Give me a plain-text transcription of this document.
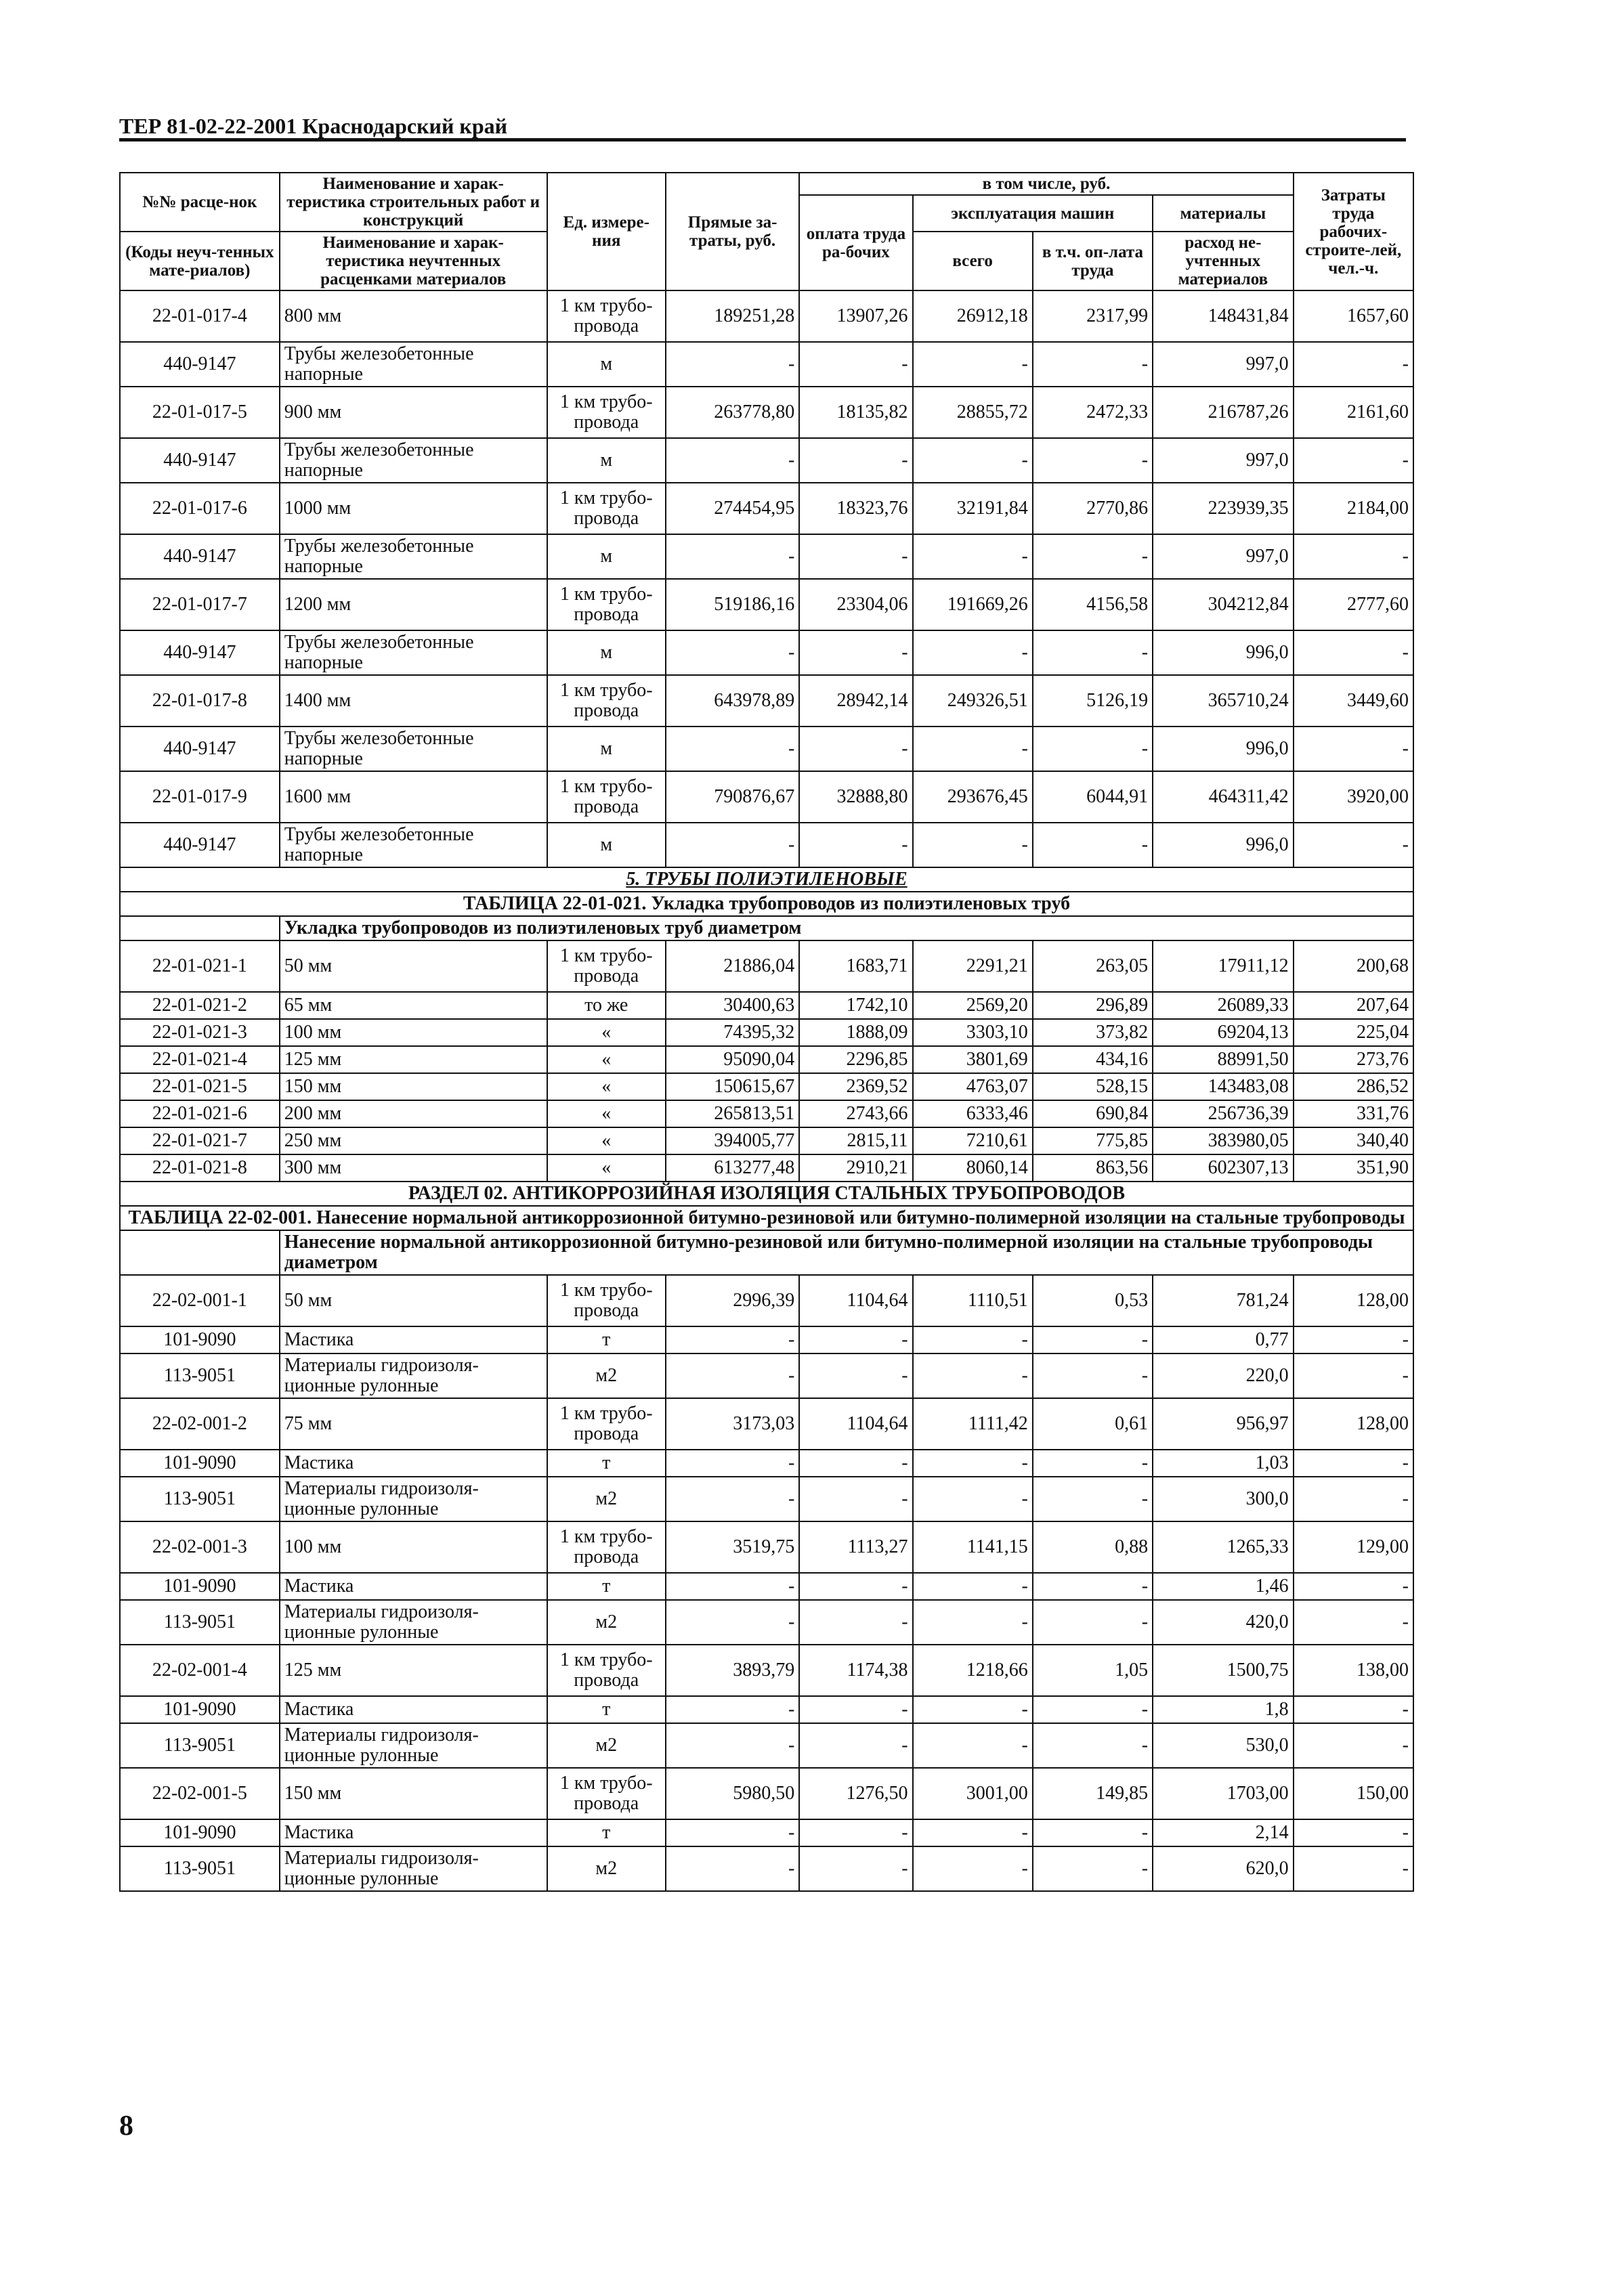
ТЕР 81-02-22-2001 Краснодарский край
№№ расце-нок	Наименование и харак-теристика строительных работ и конструкций	Ед. измере-ния	Прямые за-траты, руб.	в том числе, руб.				Затраты труда рабочих-строите-лей, чел.-ч.
				оплата труда ра-бочих	эксплуатация машин		материалы	
(Коды неуч-тенных мате-риалов)	Наименование и харак-теристика неучтенных расценками материалов				всего	в т.ч. оп-лата труда	расход не-учтенных материалов	

22-01-017-4	800 мм	1 км трубо-провода	189251,28	13907,26	26912,18	2317,99	148431,84	1657,60
440-9147	Трубы железобетонные напорные	м	-	-	-	-	997,0	-
22-01-017-5	900 мм	1 км трубо-провода	263778,80	18135,82	28855,72	2472,33	216787,26	2161,60
440-9147	Трубы железобетонные напорные	м	-	-	-	-	997,0	-
22-01-017-6	1000 мм	1 км трубо-провода	274454,95	18323,76	32191,84	2770,86	223939,35	2184,00
440-9147	Трубы железобетонные напорные	м	-	-	-	-	997,0	-
22-01-017-7	1200 мм	1 км трубо-провода	519186,16	23304,06	191669,26	4156,58	304212,84	2777,60
440-9147	Трубы железобетонные напорные	м	-	-	-	-	996,0	-
22-01-017-8	1400 мм	1 км трубо-провода	643978,89	28942,14	249326,51	5126,19	365710,24	3449,60
440-9147	Трубы железобетонные напорные	м	-	-	-	-	996,0	-
22-01-017-9	1600 мм	1 км трубо-провода	790876,67	32888,80	293676,45	6044,91	464311,42	3920,00
440-9147	Трубы железобетонные напорные	м	-	-	-	-	996,0	-
5. ТРУБЫ ПОЛИЭТИЛЕНОВЫЕ								
ТАБЛИЦА 22-01-021. Укладка трубопроводов из полиэтиленовых труб								
	Укладка трубопроводов из полиэтиленовых труб диаметром							
22-01-021-1	50 мм	1 км трубо-провода	21886,04	1683,71	2291,21	263,05	17911,12	200,68
22-01-021-2	65 мм	то же	30400,63	1742,10	2569,20	296,89	26089,33	207,64
22-01-021-3	100 мм	«	74395,32	1888,09	3303,10	373,82	69204,13	225,04
22-01-021-4	125 мм	«	95090,04	2296,85	3801,69	434,16	88991,50	273,76
22-01-021-5	150 мм	«	150615,67	2369,52	4763,07	528,15	143483,08	286,52
22-01-021-6	200 мм	«	265813,51	2743,66	6333,46	690,84	256736,39	331,76
22-01-021-7	250 мм	«	394005,77	2815,11	7210,61	775,85	383980,05	340,40
22-01-021-8	300 мм	«	613277,48	2910,21	8060,14	863,56	602307,13	351,90
РАЗДЕЛ 02. АНТИКОРРОЗИЙНАЯ ИЗОЛЯЦИЯ СТАЛЬНЫХ ТРУБОПРОВОДОВ								
ТАБЛИЦА 22-02-001. Нанесение нормальной антикоррозионной битумно-резиновой или битумно-полимерной изоляции на стальные трубопроводы								
	Нанесение нормальной антикоррозионной битумно-резиновой или битумно-полимерной изоляции на стальные трубопроводы диаметром							
22-02-001-1	50 мм	1 км трубо-провода	2996,39	1104,64	1110,51	0,53	781,24	128,00
101-9090	Мастика	т	-	-	-	-	0,77	-
113-9051	Материалы гидроизоля-ционные рулонные	м2	-	-	-	-	220,0	-
22-02-001-2	75 мм	1 км трубо-провода	3173,03	1104,64	1111,42	0,61	956,97	128,00
101-9090	Мастика	т	-	-	-	-	1,03	-
113-9051	Материалы гидроизоля-ционные рулонные	м2	-	-	-	-	300,0	-
22-02-001-3	100 мм	1 км трубо-провода	3519,75	1113,27	1141,15	0,88	1265,33	129,00
101-9090	Мастика	т	-	-	-	-	1,46	-
113-9051	Материалы гидроизоля-ционные рулонные	м2	-	-	-	-	420,0	-
22-02-001-4	125 мм	1 км трубо-провода	3893,79	1174,38	1218,66	1,05	1500,75	138,00
101-9090	Мастика	т	-	-	-	-	1,8	-
113-9051	Материалы гидроизоля-ционные рулонные	м2	-	-	-	-	530,0	-
22-02-001-5	150 мм	1 км трубо-провода	5980,50	1276,50	3001,00	149,85	1703,00	150,00
101-9090	Мастика	т	-	-	-	-	2,14	-
113-9051	Материалы гидроизоля-ционные рулонные	м2	-	-	-	-	620,0	-
8
